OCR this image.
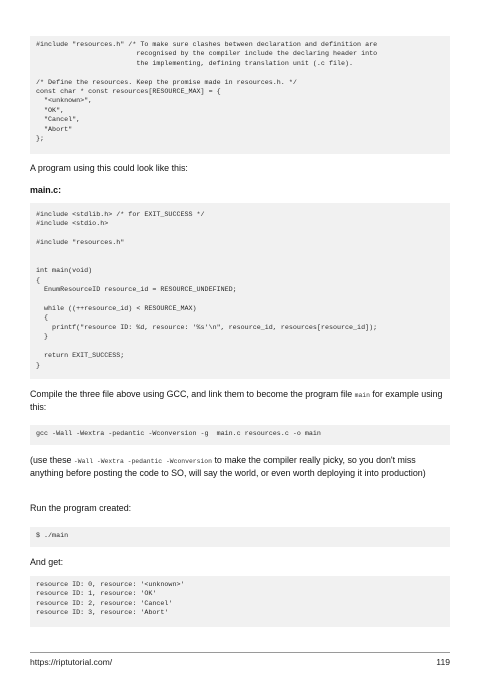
#include "resources.h" /* To make sure clashes between declaration and definition are
recognised by the compiler include the declaring header into
the implementing, defining translation unit (.c file).

/* Define the resources. Keep the promise made in resources.h. */
const char * const resources[RESOURCE_MAX] = {
"<unknown>",
"OK",
"Cancel",
"Abort"
};
A program using this could look like this:
main.c:
#include <stdlib.h> /* for EXIT_SUCCESS */
#include <stdio.h>

#include "resources.h"

int main(void)
{
EnumResourceID resource_id = RESOURCE_UNDEFINED;

while ((++resource_id) < RESOURCE_MAX)
{
printf("resource ID: %d, resource: '%s'\n", resource_id, resources[resource_id]);
}

return EXIT_SUCCESS;
}
Compile the three file above using GCC, and link them to become the program file main for example using this:
gcc -Wall -Wextra -pedantic -Wconversion -g  main.c resources.c -o main
(use these -Wall -Wextra -pedantic -Wconversion to make the compiler really picky, so you don't miss anything before posting the code to SO, will say the world, or even worth deploying it into production)
Run the program created:
$ ./main
And get:
resource ID: 0, resource: '<unknown>'
resource ID: 1, resource: 'OK'
resource ID: 2, resource: 'Cancel'
resource ID: 3, resource: 'Abort'
https://riptutorial.com/	119
